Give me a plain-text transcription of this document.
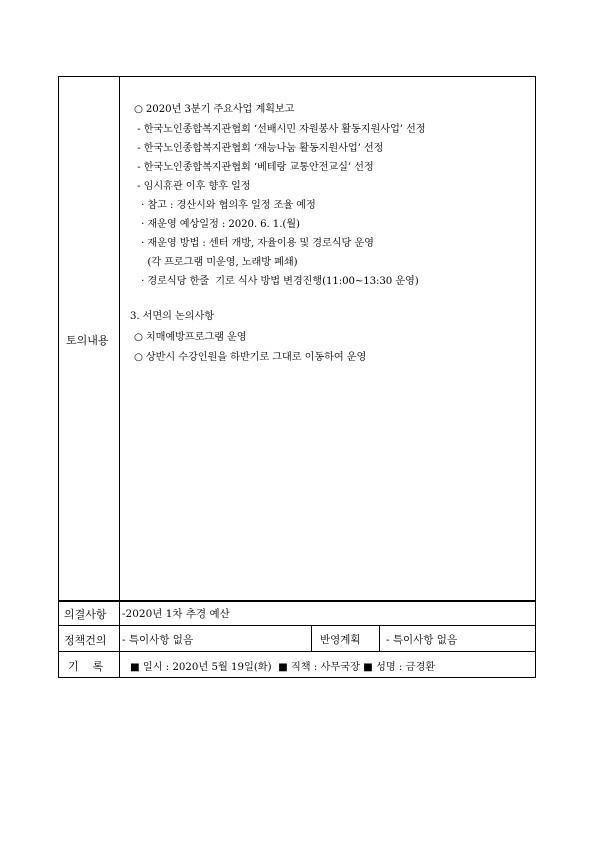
토의내용
의결사항
정책건의
기    록
○ 2020년 3분기 주요사업 계획보고
- 한국노인종합복지관협회 ‘선배시민 자원봉사 활동지원사업’ 선정
- 한국노인종합복지관협회 ‘재능나눔 활동지원사업’ 선정
- 한국노인종합복지관협회 ‘베테랑 교통안전교실’ 선정
- 임시휴관 이후 향후 일정
· 참고 : 경산시와 협의후 일정 조율 예정
· 재운영 예상일정 : 2020. 6. 1.(월)
· 재운영 방법 : 센터 개방, 자율이용 및 경로식당 운영
(각 프로그램 미운영, 노래방 폐쇄)
· 경로식당 한줄  기로 식사 방법 변경진행(11:00~13:30 운영)
3. 서면의 논의사항
○ 치매예방프로그램 운영
○ 상반시 수강인원을 하반기로 그대로 이동하여 운영
-2020년 1차 추경 예산
- 특이사항 없음	반영계획 - 특이사항 없음
■ 일시 : 2020년 5월 19일(화)  ■ 직책 : 사무국장 ■ 성명 : 금경환
